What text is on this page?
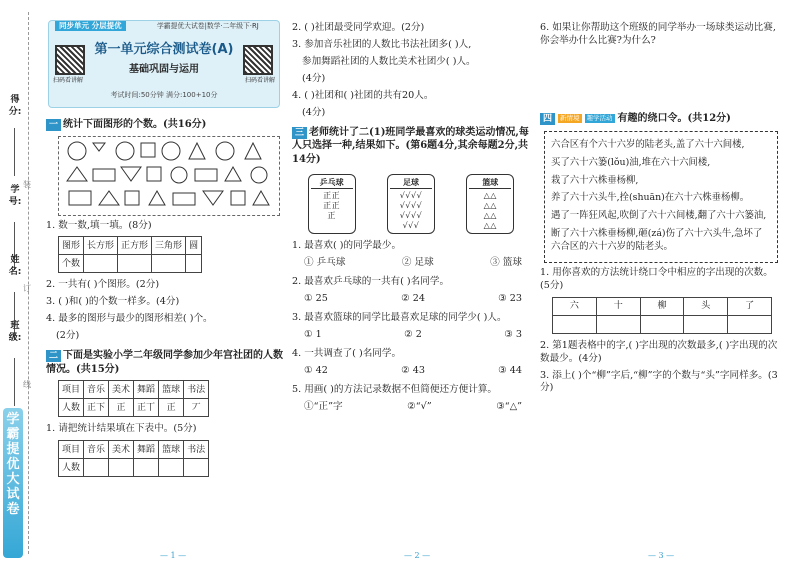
得分:
学号:
姓名:
班级:
装
订
线
学霸提优大试卷
同步单元 分层提优	学霸提优大试卷|数学·二年级下·RJ
扫码看讲解	扫码看讲解
第一单元综合测试卷(A)
基础巩固与运用
考试时间:50分钟 满分:100+10分
一 统计下面图形的个数。(共16分)
1. 数一数,填一填。(8分)
图形	长方形	正方形	三角形	圆
个数				
2. 一共有( )个图形。(2分)
3. ( )和( )的个数一样多。(4分)
4. 最多的图形与最少的图形相差( )个。
(2分)
二 下面是实验小学二年级同学参加少年宫社团的人数情况。(共15分)
项目	音乐	美术	舞蹈	篮球	书法
人数	正下	正	正丅	正	丆
1. 请把统计结果填在下表中。(5分)
项目	音乐	美术	舞蹈	篮球	书法
人数					
— 1 —
2. ( )社团最受同学欢迎。(2分)
3. 参加音乐社团的人数比书法社团多( )人,
参加舞蹈社团的人数比美术社团少( )人。
(4分)
4. ( )社团和( )社团的共有20人。
(4分)
三 老师统计了二(1)班同学最喜欢的球类运动情况,每人只选择一种,结果如下。(第6题4分,其余每题2分,共14分)
乒乓球
正正
正正
正
足球
√√√√
√√√√
√√√√
√√√
篮球
△△
△△
△△
△△
1. 最喜欢( )的同学最少。
① 乒乓球	② 足球	③ 篮球
2. 最喜欢乒乓球的一共有( )名同学。
① 25	② 24	③ 23
3. 最喜欢篮球的同学比最喜欢足球的同学少( )人。
① 1	② 2	③ 3
4. 一共调查了( )名同学。
① 42	② 43	③ 44
5. 用画( )的方法记录数据不但简便还方便计算。
①“正”字	②“√”	③“△”
— 2 —
6. 如果让你帮助这个班级的同学举办一场球类运动比赛,你会举办什么比赛?为什么?
四	新情境	趣学活动 有趣的绕口令。(共12分)
六合区有个六十六岁的陆老头,盖了六十六间楼,
买了六十六篓(lǒu)油,堆在六十六间楼,
栽了六十六株垂杨柳,
养了六十六头牛,拴(shuān)在六十六株垂杨柳。
遇了一阵狂风起,吹倒了六十六间楼,翻了六十六篓油,
断了六十六株垂杨柳,砸(zá)伤了六十六头牛,急坏了六合区的六十六岁的陆老头。
1. 用你喜欢的方法统计绕口令中相应的字出现的次数。(5分)
六	十	柳	头	了

2. 第1题表格中的字,( )字出现的次数最多,( )字出现的次数最少。(4分)
3. 添上( )个“柳”字后,“柳”字的个数与“头”字同样多。(3分)
— 3 —
